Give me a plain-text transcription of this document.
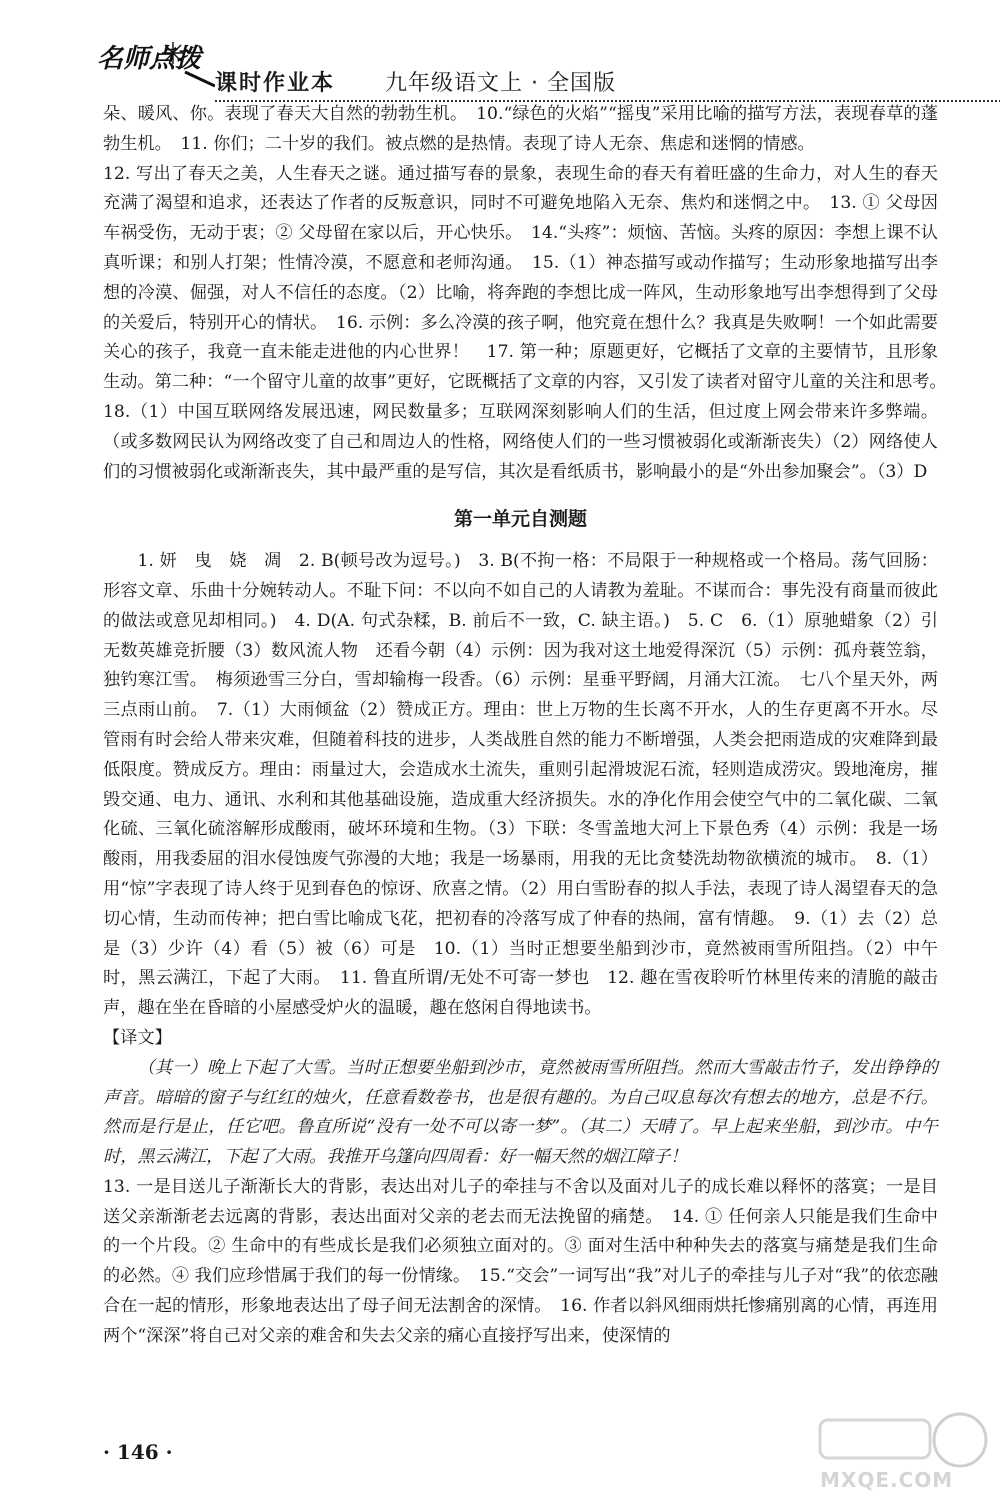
名师点拨
课时作业本 九年级语文上 · 全国版

朵、暖风、你。表现了春天大自然的勃勃生机。　10.“绿色的火焰”“摇曳”采用比喻的描写方法，表现春草的蓬勃生机。　11. 你们；二十岁的我们。被点燃的是热情。表现了诗人无奈、焦虑和迷惘的情感。

12. 写出了春天之美，人生春天之谜。通过描写春的景象，表现生命的春天有着旺盛的生命力，对人生的春天充满了渴望和追求，还表达了作者的反叛意识，同时不可避免地陷入无奈、焦灼和迷惘之中。　13. ① 父母因车祸受伤，无动于衷；② 父母留在家以后，开心快乐。　14.“头疼”：烦恼、苦恼。头疼的原因：李想上课不认真听课；和别人打架；性情冷漠，不愿意和老师沟通。　15.（1）神态描写或动作描写；生动形象地描写出李想的冷漠、倔强，对人不信任的态度。（2）比喻，将奔跑的李想比成一阵风，生动形象地写出李想得到了父母的关爱后，特别开心的情状。　16. 示例：多么冷漠的孩子啊，他究竟在想什么？我真是失败啊！一个如此需要关心的孩子，我竟一直未能走进他的内心世界！　17. 第一种；原题更好，它概括了文章的主要情节，且形象生动。第二种：“一个留守儿童的故事”更好，它既概括了文章的内容，又引发了读者对留守儿童的关注和思考。　18.（1）中国互联网络发展迅速，网民数量多；互联网深刻影响人们的生活，但过度上网会带来许多弊端。（或多数网民认为网络改变了自己和周边人的性格，网络使人们的一些习惯被弱化或渐渐丧失）（2）网络使人们的习惯被弱化或渐渐丧失，其中最严重的是写信，其次是看纸质书，影响最小的是“外出参加聚会”。（3）D

第一单元自测题

1. 妍　曳　娆　凋　2. B(顿号改为逗号。)　3. B(不拘一格：不局限于一种规格或一个格局。荡气回肠：形容文章、乐曲十分婉转动人。不耻下问：不以向不如自己的人请教为羞耻。不谋而合：事先没有商量而彼此的做法或意见却相同。)　4. D(A. 句式杂糅，B. 前后不一致，C. 缺主语。)　5. C　6.（1）原驰蜡象（2）引无数英雄竞折腰（3）数风流人物　还看今朝（4）示例：因为我对这土地爱得深沉（5）示例：孤舟蓑笠翁，独钓寒江雪。　梅须逊雪三分白，雪却输梅一段香。（6）示例：星垂平野阔，月涌大江流。　七八个星天外，两三点雨山前。　7.（1）大雨倾盆（2）赞成正方。理由：世上万物的生长离不开水，人的生存更离不开水。尽管雨有时会给人带来灾难，但随着科技的进步，人类战胜自然的能力不断增强，人类会把雨造成的灾难降到最低限度。赞成反方。理由：雨量过大，会造成水土流失，重则引起滑坡泥石流，轻则造成涝灾。毁地淹房，摧毁交通、电力、通讯、水利和其他基础设施，造成重大经济损失。水的净化作用会使空气中的二氧化碳、二氧化硫、三氧化硫溶解形成酸雨，破坏环境和生物。（3）下联：冬雪盖地大河上下景色秀（4）示例：我是一场酸雨，用我委屈的泪水侵蚀废气弥漫的大地；我是一场暴雨，用我的无比贪婪洗劫物欲横流的城市。　8.（1）用“惊”字表现了诗人终于见到春色的惊讶、欣喜之情。（2）用白雪盼春的拟人手法，表现了诗人渴望春天的急切心情，生动而传神；把白雪比喻成飞花，把初春的冷落写成了仲春的热闹，富有情趣。　9.（1）去（2）总是（3）少许（4）看（5）被（6）可是　10.（1）当时正想要坐船到沙市，竟然被雨雪所阻挡。（2）中午时，黑云满江，下起了大雨。　11. 鲁直所谓/无处不可寄一梦也　12. 趣在雪夜聆听竹林里传来的清脆的敲击声，趣在坐在昏暗的小屋感受炉火的温暖，趣在悠闲自得地读书。

【译文】

（其一）晚上下起了大雪。当时正想要坐船到沙市，竟然被雨雪所阻挡。然而大雪敲击竹子，发出铮铮的声音。暗暗的窗子与红红的烛火，任意看数卷书，也是很有趣的。为自己叹息每次有想去的地方，总是不行。然而是行是止，任它吧。鲁直所说“没有一处不可以寄一梦”。（其二）天晴了。早上起来坐船，到沙市。中午时，黑云满江，下起了大雨。我推开乌篷向四周看：好一幅天然的烟江障子！

13. 一是目送儿子渐渐长大的背影，表达出对儿子的牵挂与不舍以及面对儿子的成长难以释怀的落寞；一是目送父亲渐渐老去远离的背影，表达出面对父亲的老去而无法挽留的痛楚。　14. ① 任何亲人只能是我们生命中的一个片段。② 生命中的有些成长是我们必须独立面对的。③ 面对生活中种种失去的落寞与痛楚是我们生命的必然。④ 我们应珍惜属于我们的每一份情缘。　15.“交会”一词写出“我”对儿子的牵挂与儿子对“我”的依恋融合在一起的情形，形象地表达出了母子间无法割舍的深情。　16. 作者以斜风细雨烘托惨痛别离的心情，再连用两个“深深”将自己对父亲的难舍和失去父亲的痛心直接抒写出来，使深情的

· 146 ·
MXQE.COM
